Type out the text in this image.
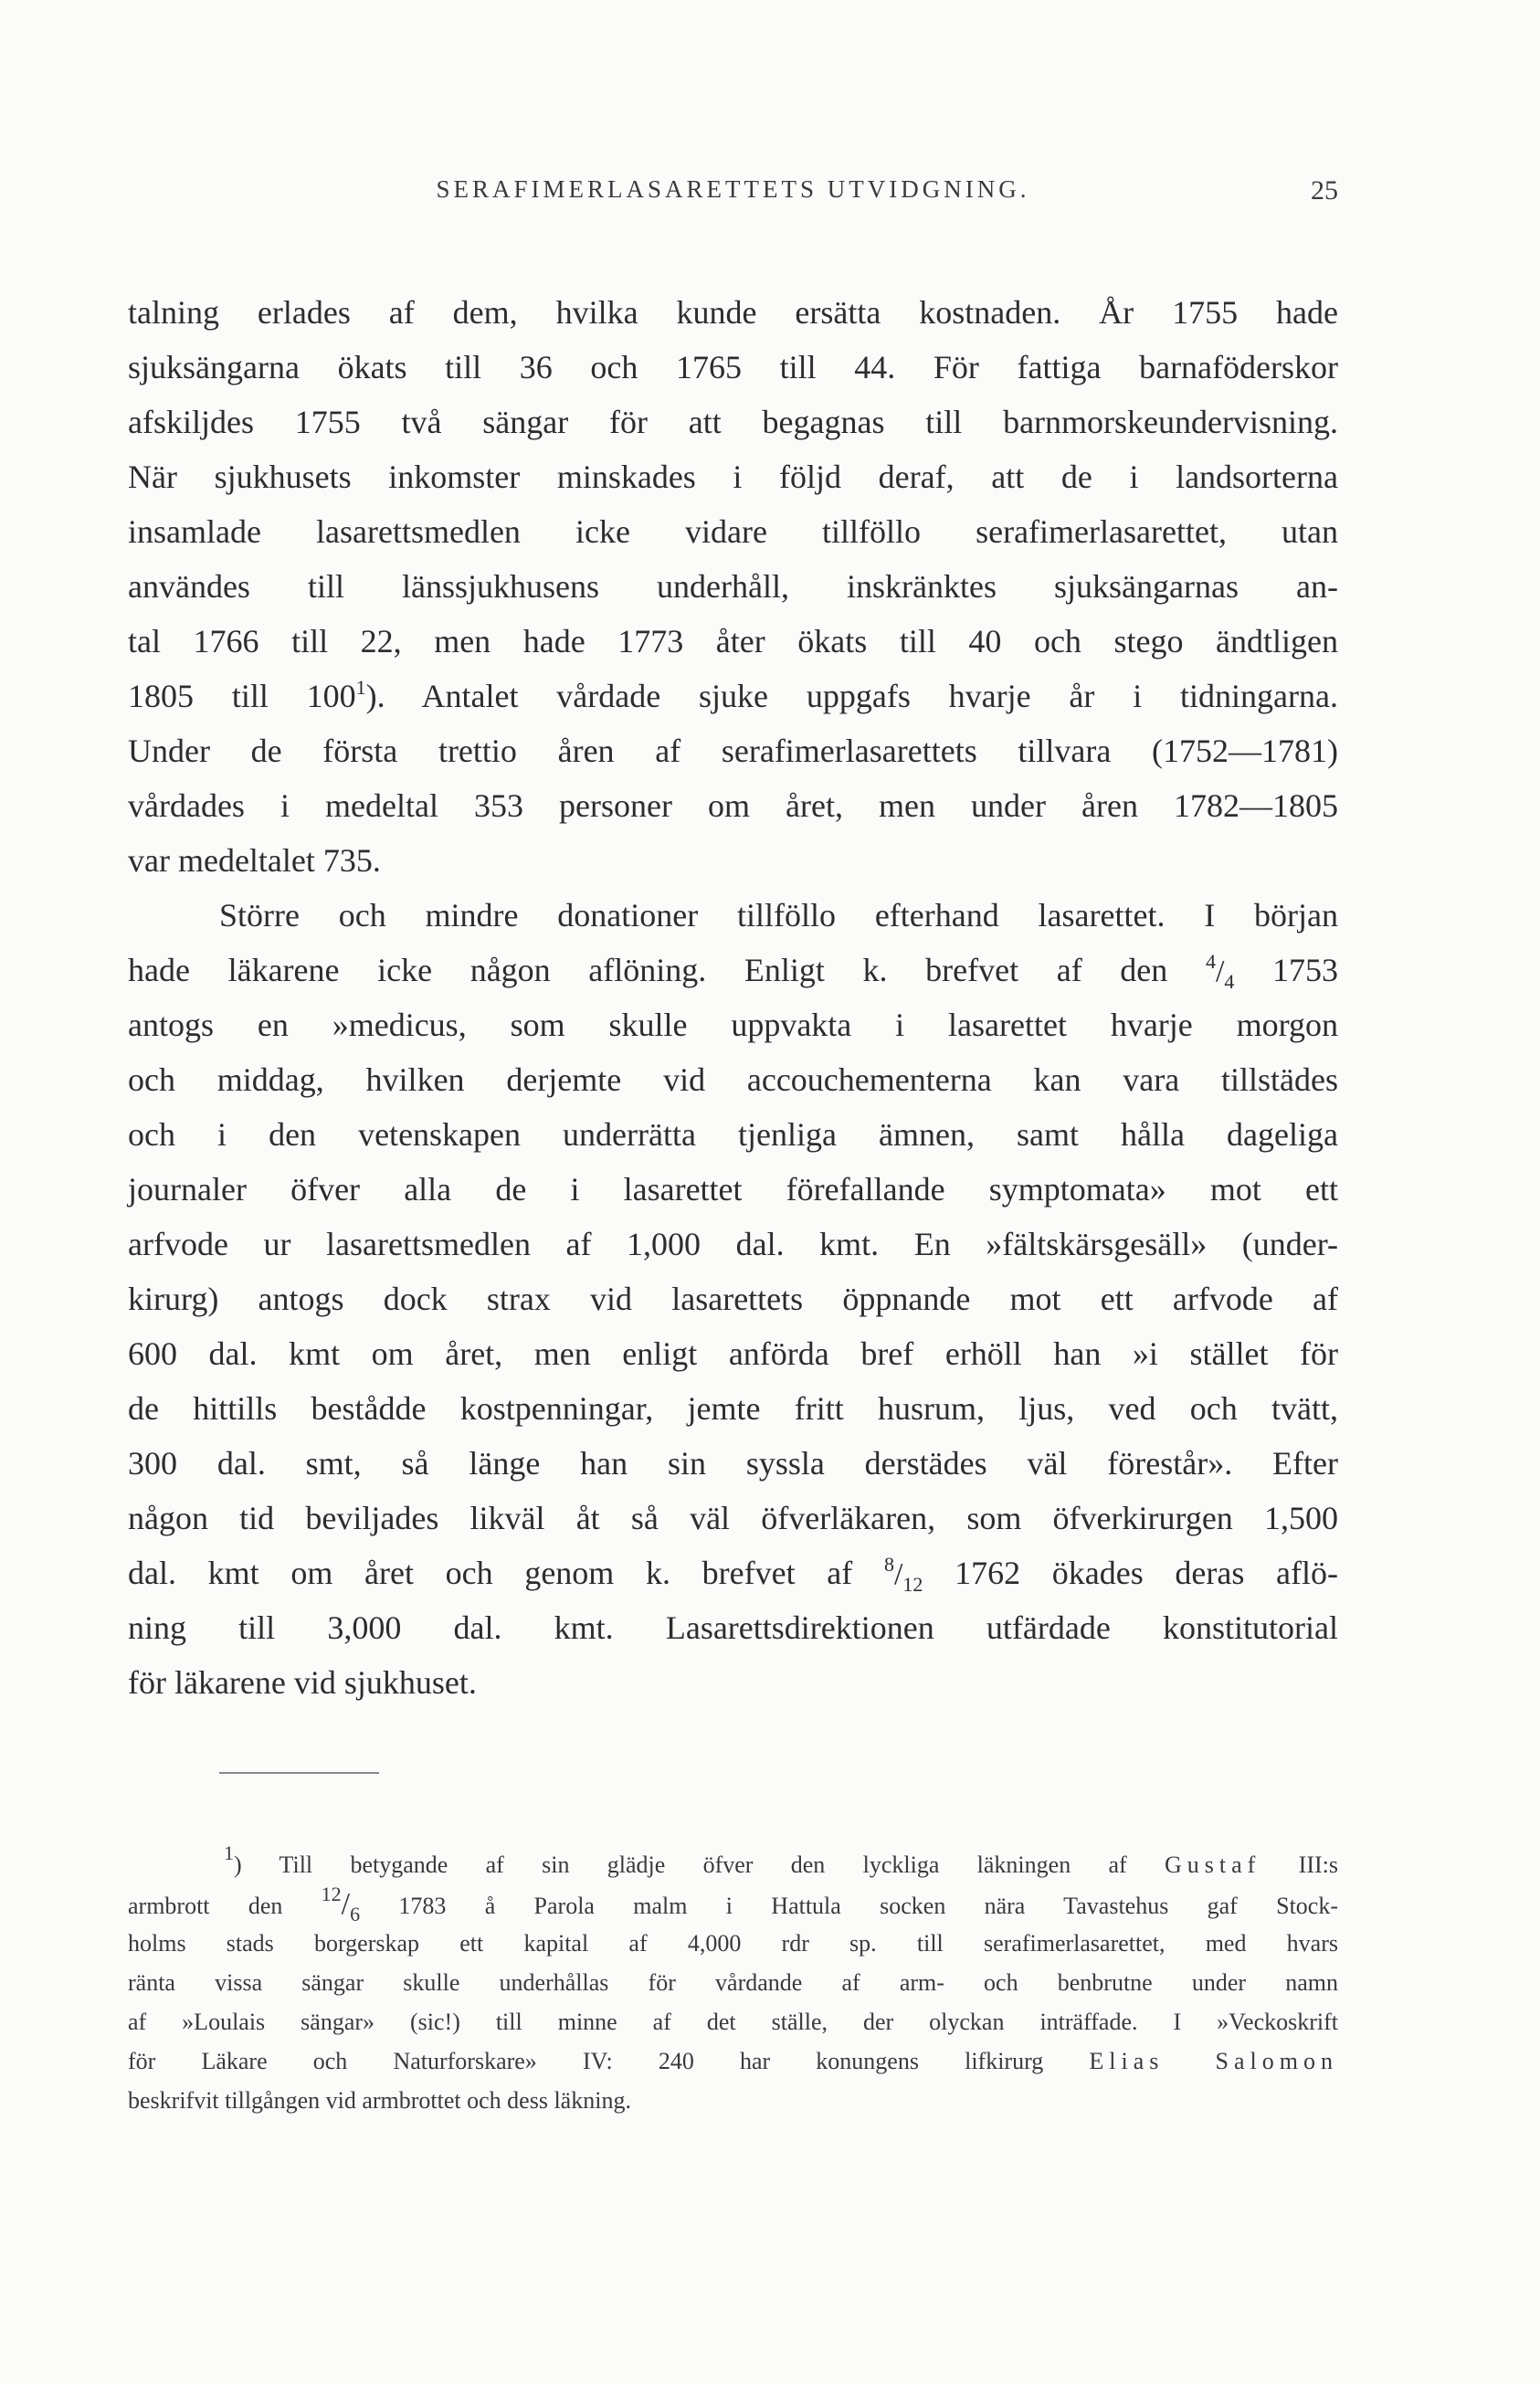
SERAFIMERLASARETTETS UTVIDGNING.	25
talning erlades af dem, hvilka kunde ersätta kostnaden. År 1755 hade
sjuksängarna ökats till 36 och 1765 till 44. För fattiga barnaföderskor
afskiljdes 1755 två sängar för att begagnas till barnmorskeundervisning.
När sjukhusets inkomster minskades i följd deraf, att de i landsorterna
insamlade lasarettsmedlen icke vidare tillföllo serafimerlasarettet, utan
användes till länssjukhusens underhåll, inskränktes sjuksängarnas an-
tal 1766 till 22, men hade 1773 åter ökats till 40 och stego ändtligen
1805 till $100^1$). Antalet vårdade sjuke uppgafs hvarje år i tidningarna.
Under de första trettio åren af serafimerlasarettets tillvara (1752—1781)
vårdades i medeltal 353 personer om året, men under åren 1782—1805
var medeltalet 735.
Större och mindre donationer tillföllo efterhand lasarettet. I början
hade läkarene icke någon aflöning. Enligt k. brefvet af den $^4/_4$ 1753
antogs en »medicus, som skulle uppvakta i lasarettet hvarje morgon
och middag, hvilken derjemte vid accouchementerna kan vara tillstädes
och i den vetenskapen underrätta tjenliga ämnen, samt hålla dageliga
journaler öfver alla de i lasarettet förefallande symptomata» mot ett
arfvode ur lasarettsmedlen af 1,000 dal. kmt. En »fältskärsgesäll» (under-
kirurg) antogs dock strax vid lasarettets öppnande mot ett arfvode af
600 dal. kmt om året, men enligt anförda bref erhöll han »i stället för
de hittills bestådde kostpenningar, jemte fritt husrum, ljus, ved och tvätt,
300 dal. smt, så länge han sin syssla derstädes väl förestår». Efter
någon tid beviljades likväl åt så väl öfverläkaren, som öfverkirurgen 1,500
dal. kmt om året och genom k. brefvet af $^8/_{12}$ 1762 ökades deras aflö-
ning till 3,000 dal. kmt. Lasarettsdirektionen utfärdade konstitutorial
för läkarene vid sjukhuset.
$^1$) Till betygande af sin glädje öfver den lyckliga läkningen af Gustaf III:s
armbrott den $^{12}/_6$ 1783 å Parola malm i Hattula socken nära Tavastehus gaf Stock-
holms stads borgerskap ett kapital af 4,000 rdr sp. till serafimerlasarettet, med hvars
ränta vissa sängar skulle underhållas för vårdande af arm- och benbrutne under namn
af »Loulais sängar» (sic!) till minne af det ställe, der olyckan inträffade. I »Veckoskrift
för Läkare och Naturforskare» IV: 240 har konungens lifkirurg Elias Salomon
beskrifvit tillgången vid armbrottet och dess läkning.
